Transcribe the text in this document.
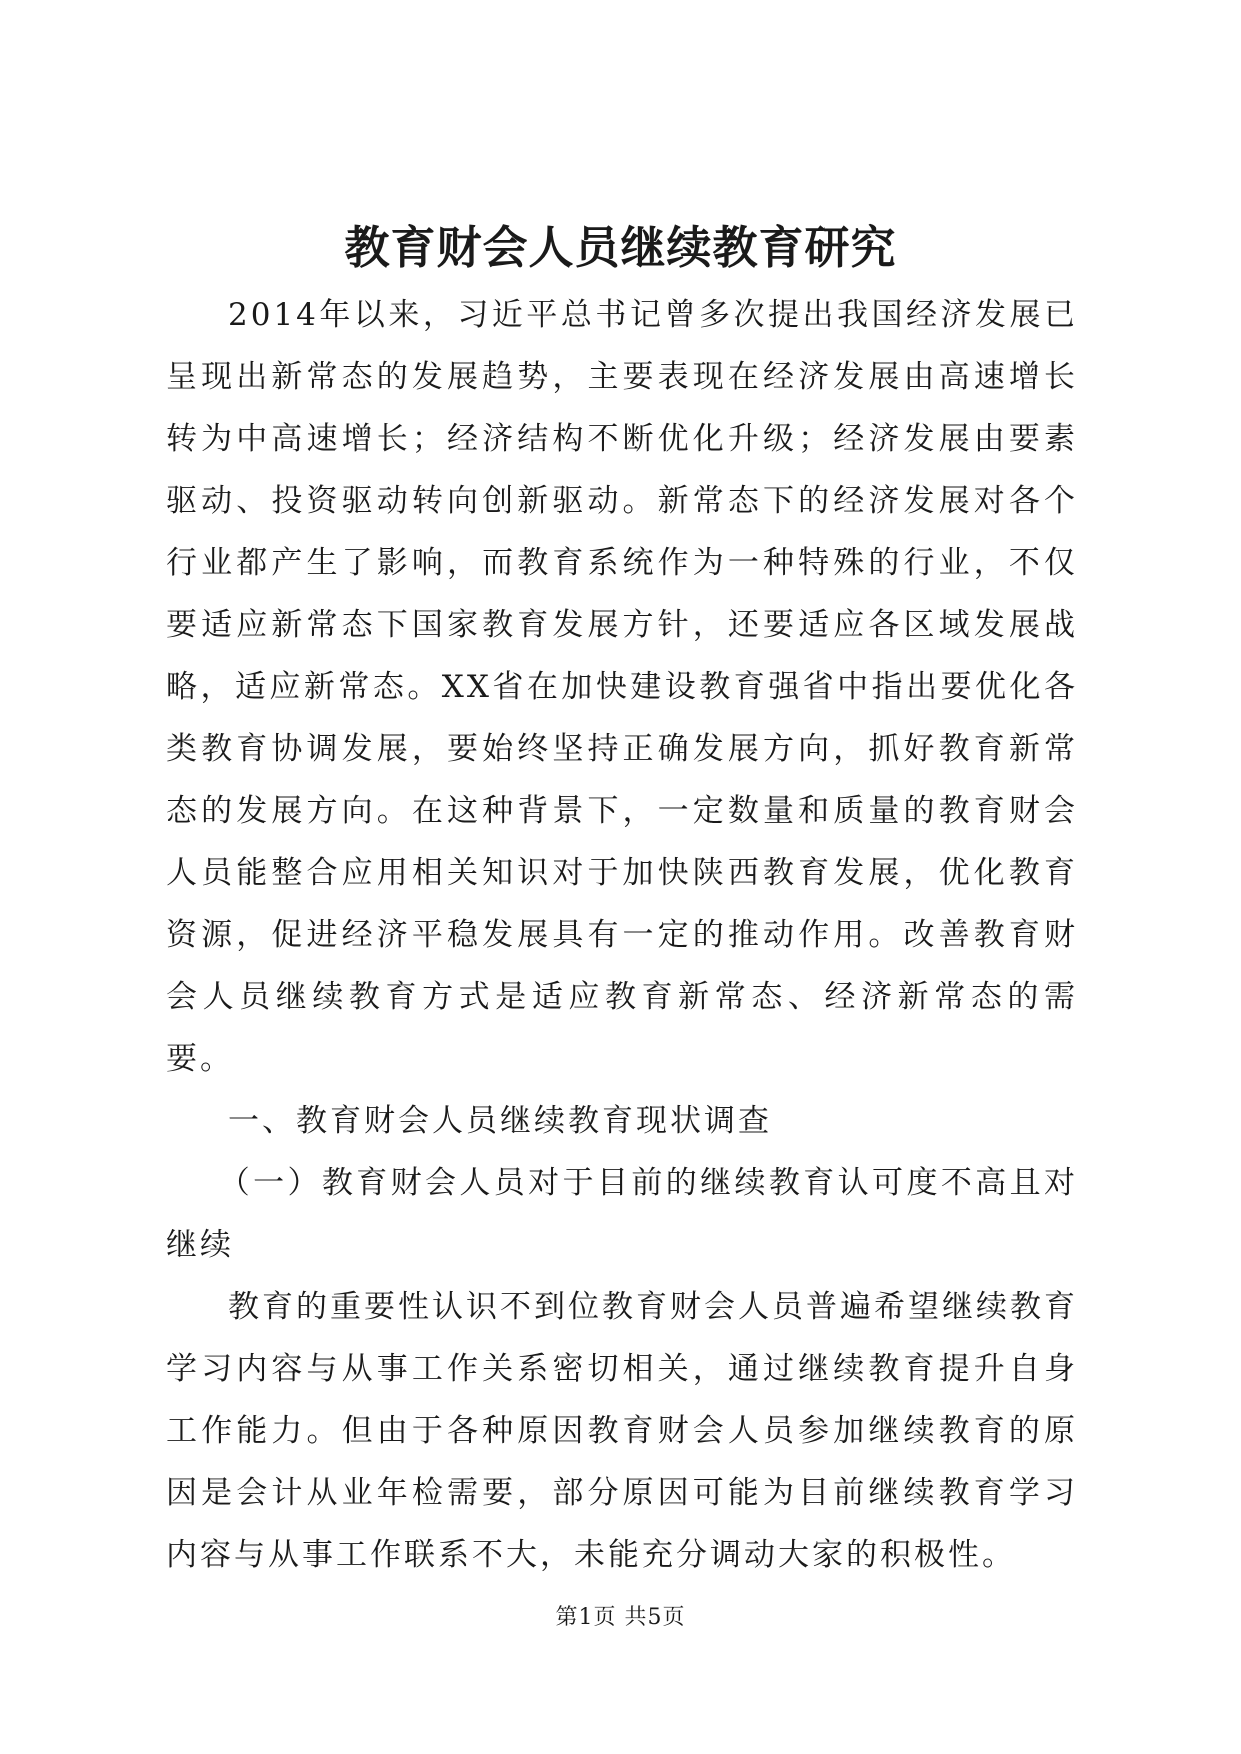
教育财会人员继续教育研究

2014年以来，习近平总书记曾多次提出我国经济发展已呈现出新常态的发展趋势，主要表现在经济发展由高速增长转为中高速增长；经济结构不断优化升级；经济发展由要素驱动、投资驱动转向创新驱动。新常态下的经济发展对各个行业都产生了影响，而教育系统作为一种特殊的行业，不仅要适应新常态下国家教育发展方针，还要适应各区域发展战略，适应新常态。XX省在加快建设教育强省中指出要优化各类教育协调发展，要始终坚持正确发展方向，抓好教育新常态的发展方向。在这种背景下，一定数量和质量的教育财会人员能整合应用相关知识对于加快陕西教育发展，优化教育资源，促进经济平稳发展具有一定的推动作用。改善教育财会人员继续教育方式是适应教育新常态、经济新常态的需要。

一、教育财会人员继续教育现状调查

（一）教育财会人员对于目前的继续教育认可度不高且对继续

教育的重要性认识不到位教育财会人员普遍希望继续教育学习内容与从事工作关系密切相关，通过继续教育提升自身工作能力。但由于各种原因教育财会人员参加继续教育的原因是会计从业年检需要，部分原因可能为目前继续教育学习内容与从事工作联系不大，未能充分调动大家的积极性。

第1页 共5页
